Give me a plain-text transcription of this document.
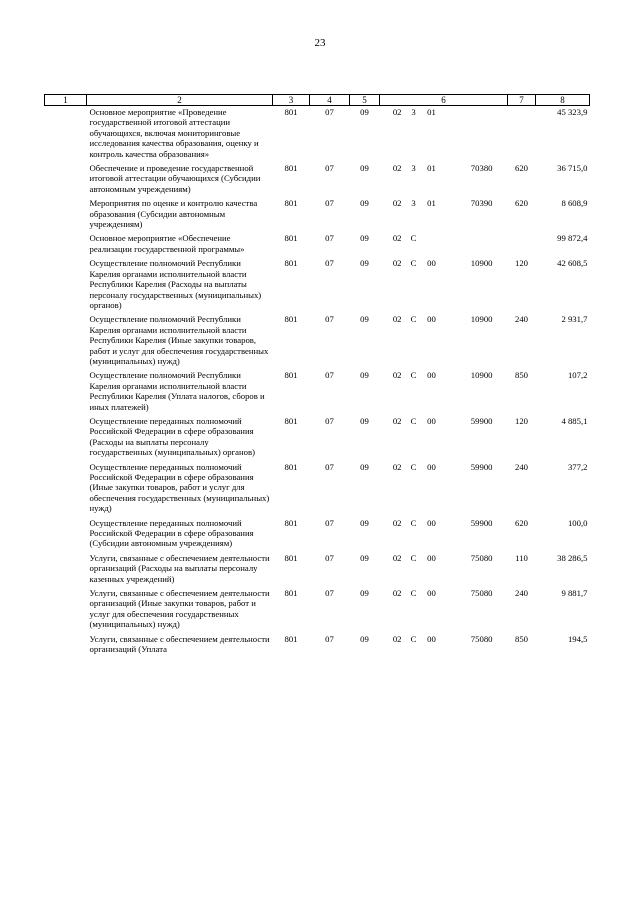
23
1	2	3	4	5	6	7	8
	Основное мероприятие «Проведение государственной итоговой аттестации обучающихся, включая мониторинговые исследования качества образования, оценку и контроль качества образования»	801	07	09	02 3 01		45 323,9
	Обеспечение и проведение государственной итоговой аттестации обучающихся (Субсидии автономным учреждениям)	801	07	09	02 3 01 70380	620	36 715,0
	Мероприятия по оценке и контролю качества образования (Субсидии автономным учреждениям)	801	07	09	02 3 01 70390	620	8 608,9
	Основное мероприятие «Обеспечение реализации государственной программы»	801	07	09	02 С		99 872,4
	Осуществление полномочий Республики Карелия органами исполнительной власти Республики Карелия (Расходы на выплаты персоналу государственных (муниципальных) органов)	801	07	09	02 С 00 10900	120	42 608,5
	Осуществление полномочий Республики Карелия органами исполнительной власти Республики Карелия (Иные закупки товаров, работ и услуг для обеспечения государственных (муниципальных) нужд)	801	07	09	02 С 00 10900	240	2 931,7
	Осуществление полномочий Республики Карелия органами исполнительной власти Республики Карелия (Уплата налогов, сборов и иных платежей)	801	07	09	02 С 00 10900	850	107,2
	Осуществление переданных полномочий Российской Федерации в сфере образования (Расходы на выплаты персоналу государственных (муниципальных) органов)	801	07	09	02 С 00 59900	120	4 885,1
	Осуществление переданных полномочий Российской Федерации в сфере образования (Иные закупки товаров, работ и услуг для обеспечения государственных (муниципальных) нужд)	801	07	09	02 С 00 59900	240	377,2
	Осуществление переданных полномочий Российской Федерации в сфере образования (Субсидии автономным учреждениям)	801	07	09	02 С 00 59900	620	100,0
	Услуги, связанные с обеспечением деятельности организаций (Расходы на выплаты персоналу казенных учреждений)	801	07	09	02 С 00 75080	110	38 286,5
	Услуги, связанные с обеспечением деятельности организаций (Иные закупки товаров, работ и услуг для обеспечения государственных (муниципальных) нужд)	801	07	09	02 С 00 75080	240	9 881,7
	Услуги, связанные с обеспечением деятельности организаций (Уплата	801	07	09	02 С 00 75080	850	194,5
